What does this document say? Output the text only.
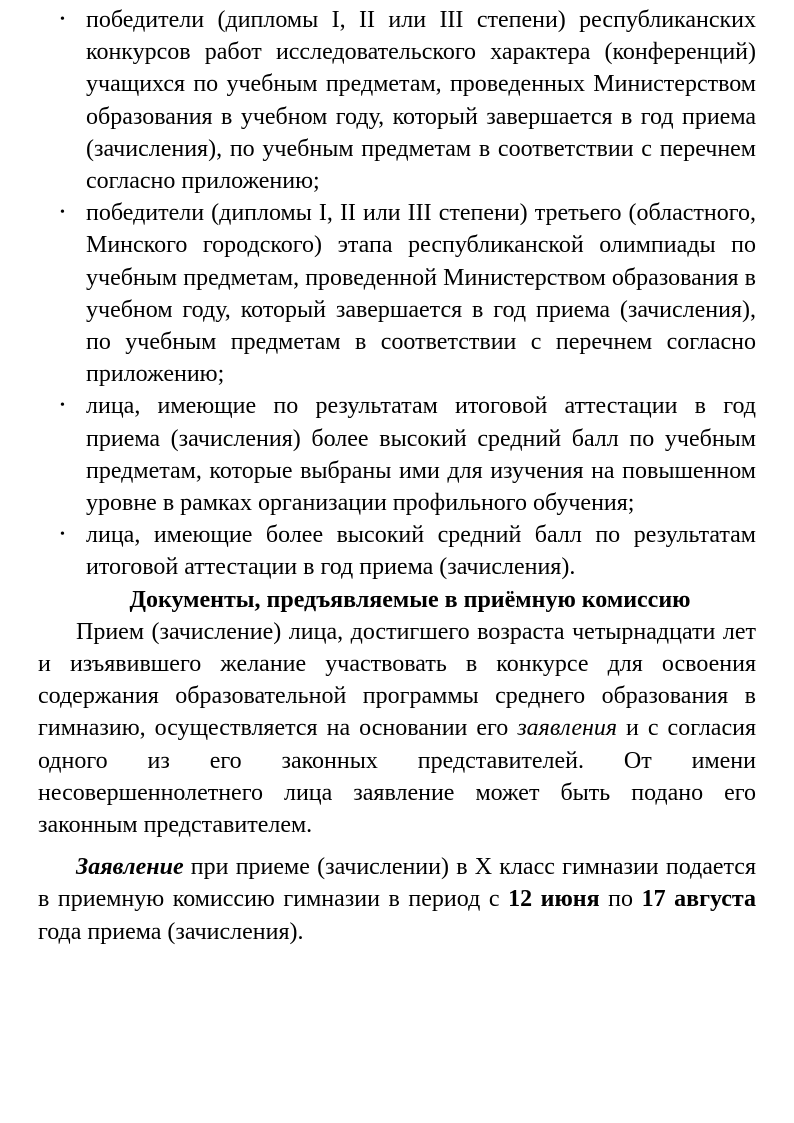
• победители (дипломы I, II или III степени) республиканских конкурсов работ исследовательского характера (конференций) учащихся по учебным предметам, проведенных Министерством образования в учебном году, который завершается в год приема (зачисления), по учебным предметам в соответствии с перечнем согласно приложению;
• победители (дипломы I, II или III степени) третьего (областного, Минского городского) этапа республиканской олимпиады по учебным предметам, проведенной Министерством образования в учебном году, который завершается в год приема (зачисления), по учебным предметам в соответствии с перечнем согласно приложению;
• лица, имеющие по результатам итоговой аттестации в год приема (зачисления) более высокий средний балл по учебным предметам, которые выбраны ими для изучения на повышенном уровне в рамках организации профильного обучения;
• лица, имеющие более высокий средний балл по результатам итоговой аттестации в год приема (зачисления).
Документы, предъявляемые в приёмную комиссию

Прием (зачисление) лица, достигшего возраста четырнадцати лет и изъявившего желание участвовать в конкурсе для освоения содержания образовательной программы среднего образования в гимназию, осуществляется на основании его заявления и с согласия одного из его законных представителей. От имени несовершеннолетнего лица заявление может быть подано его законным представителем.

Заявление при приеме (зачислении) в X класс гимназии подается в приемную комиссию гимназии в период с 12 июня по 17 августа года приема (зачисления).
